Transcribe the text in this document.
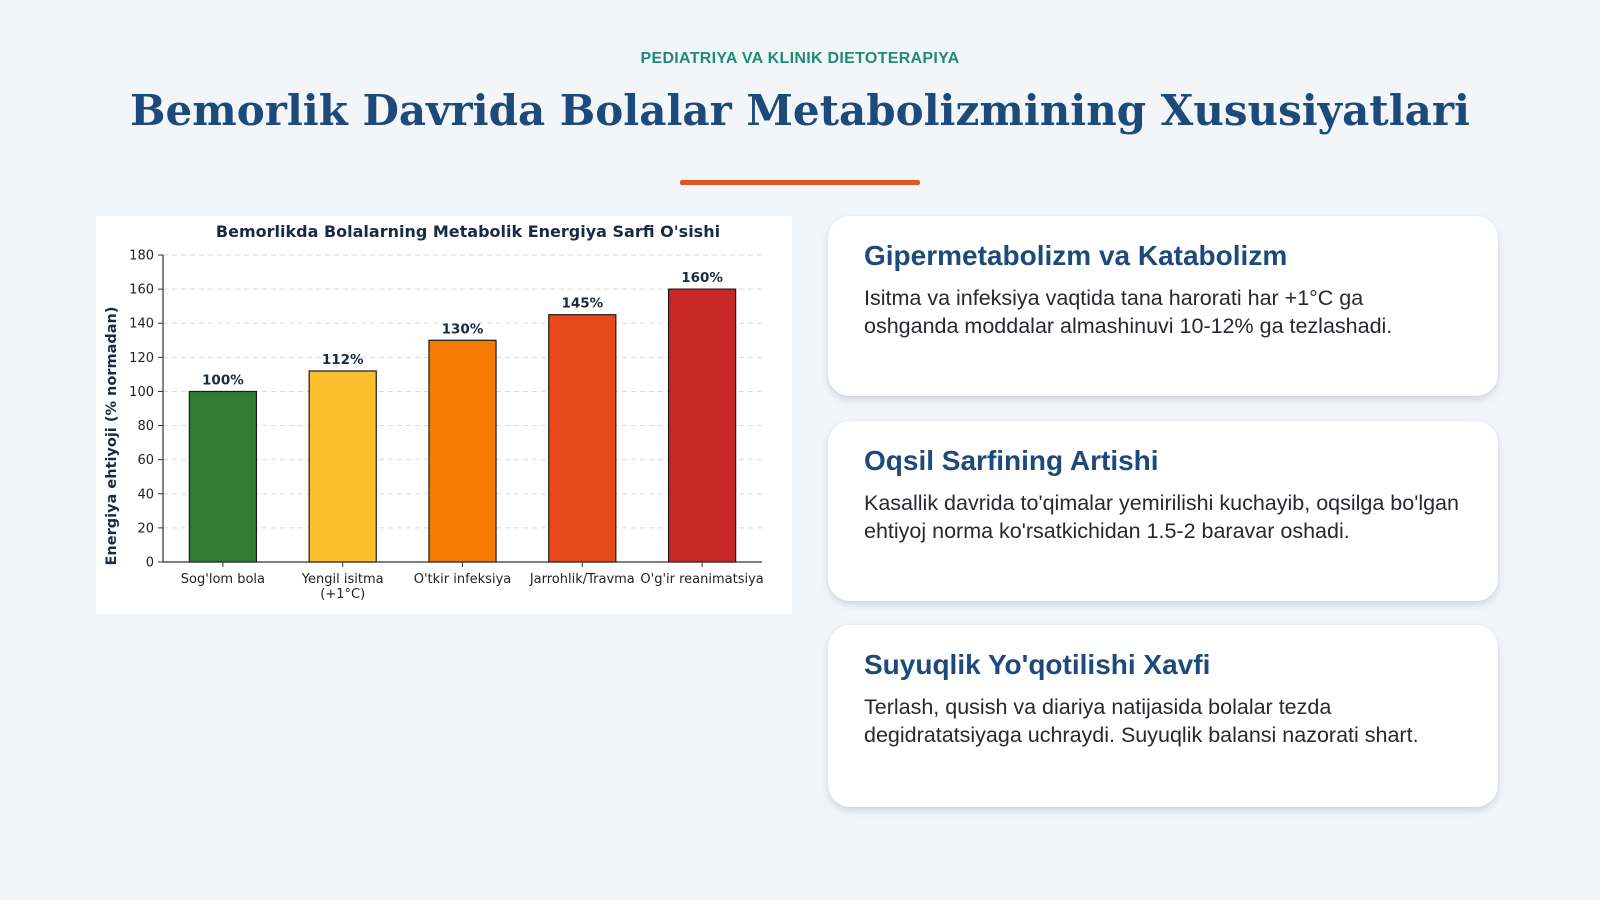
PEDIATRIYA VA KLINIK DIETOTERAPIYA
Bemorlik Davrida Bolalar Metabolizmining Xususiyatlari
Bemorlikda Bolalarning Metabolik Energiya Sarfi O'sishi
Energiya ehtiyoji (% normadan) 0
20
40
60
80
100
120
140
160
180
100%
Sog'lom bola
112%
Yengil isitma
(+1°C)
130%
O'tkir infeksiya
145%
Jarrohlik/Travma
160%
O'g'ir reanimatsiya
Gipermetabolizm va Katabolizm

Isitma va infeksiya vaqtida tana harorati har +1°C ga oshganda moddalar almashinuvi 10-12% ga tezlashadi.

Oqsil Sarfining Artishi

Kasallik davrida to'qimalar yemirilishi kuchayib, oqsilga bo'lgan ehtiyoj norma ko'rsatkichidan 1.5-2 baravar oshadi.

Suyuqlik Yo'qotilishi Xavfi

Terlash, qusish va diariya natijasida bolalar tezda degidratatsiyaga uchraydi. Suyuqlik balansi nazorati shart.
